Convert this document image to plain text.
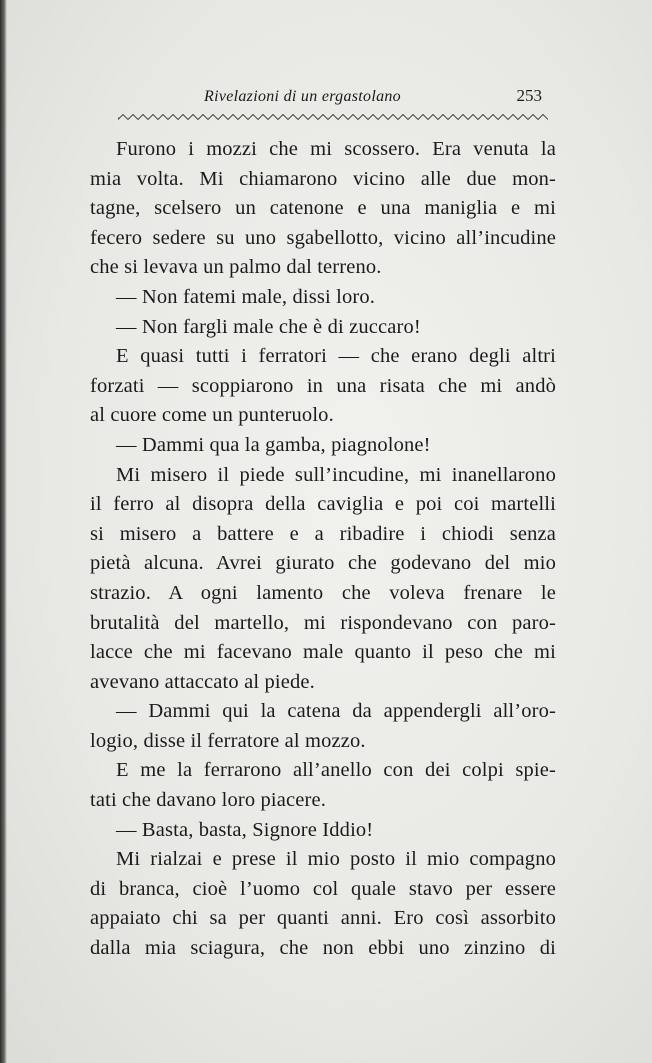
Rivelazioni di un ergastolano	253
Furono i mozzi che mi scossero. Era venuta la
mia volta. Mi chiamarono vicino alle due mon-
tagne, scelsero un catenone e una maniglia e mi
fecero sedere su uno sgabellotto, vicino all’incudine
che si levava un palmo dal terreno.
— Non fatemi male, dissi loro.
— Non fargli male che è di zuccaro!
E quasi tutti i ferratori — che erano degli altri
forzati — scoppiarono in una risata che mi andò
al cuore come un punteruolo.
— Dammi qua la gamba, piagnolone!
Mi misero il piede sull’incudine, mi inanellarono
il ferro al disopra della caviglia e poi coi martelli
si misero a battere e a ribadire i chiodi senza
pietà alcuna. Avrei giurato che godevano del mio
strazio. A ogni lamento che voleva frenare le
brutalità del martello, mi rispondevano con paro-
lacce che mi facevano male quanto il peso che mi
avevano attaccato al piede.
— Dammi qui la catena da appendergli all’oro-
logio, disse il ferratore al mozzo.
E me la ferrarono all’anello con dei colpi spie-
tati che davano loro piacere.
— Basta, basta, Signore Iddio!
Mi rialzai e prese il mio posto il mio compagno
di branca, cioè l’uomo col quale stavo per essere
appaiato chi sa per quanti anni. Ero così assorbito
dalla mia sciagura, che non ebbi uno zinzino di
